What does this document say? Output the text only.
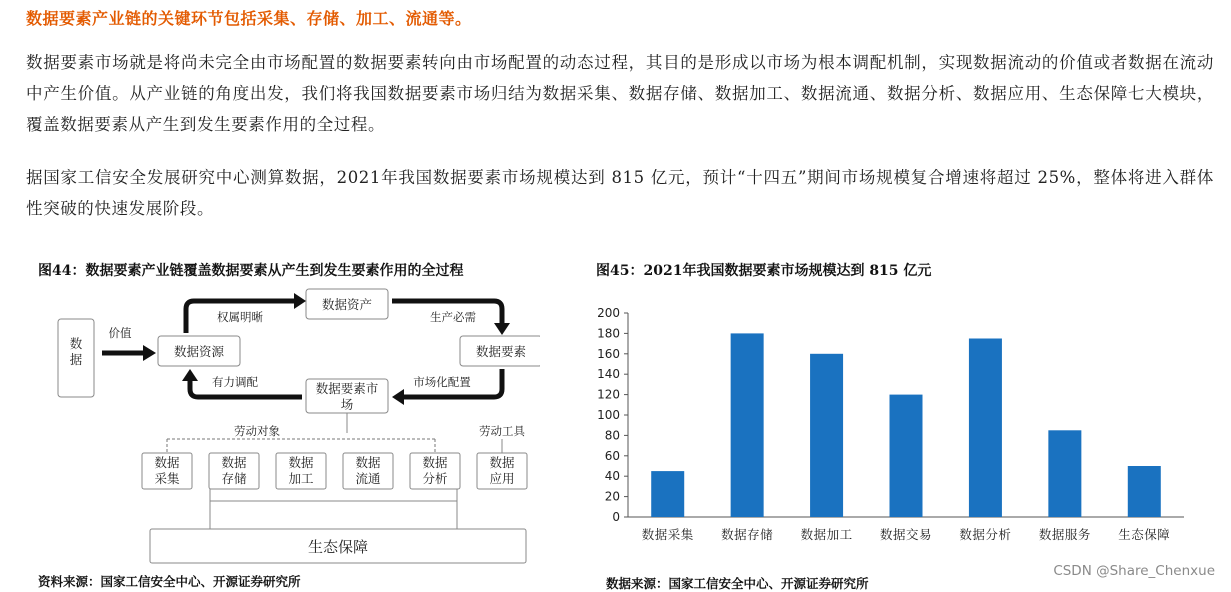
数据要素产业链的关键环节包括采集、存储、加工、流通等。
数据要素市场就是将尚未完全由市场配置的数据要素转向由市场配置的动态过程，其目的是形成以市场为根本调配机制，实现数据流动的价值或者数据在流动中产生价值。从产业链的角度出发，我们将我国数据要素市场归结为数据采集、数据存储、数据加工、数据流通、数据分析、数据应用、生态保障七大模块，覆盖数据要素从产生到发生要素作用的全过程。
据国家工信安全发展研究中心测算数据，2021年我国数据要素市场规模达到 815 亿元，预计“十四五”期间市场规模复合增速将超过 25%，整体将进入群体性突破的快速发展阶段。
图44：数据要素产业链覆盖数据要素从产生到发生要素作用的全过程	图45：2021年我国数据要素市场规模达到 815 亿元
数据
价值
数据资源
数据资产
数据要素
数据要素市
场
权属明晰	生产必需
市场化配置
有力调配
劳动对象	劳动工具
数据
采集
数据
存储
数据
加工
数据
流通
数据
分析
数据
应用
生态保障
0
20
40
60
80
100
120
140
160
180
200
数据采集 数据存储 数据加工 数据交易 数据分析 数据服务 生态保障
资料来源：国家工信安全中心、开源证券研究所	数据来源：国家工信安全中心、开源证券研究所
CSDN @Share_Chenxue
